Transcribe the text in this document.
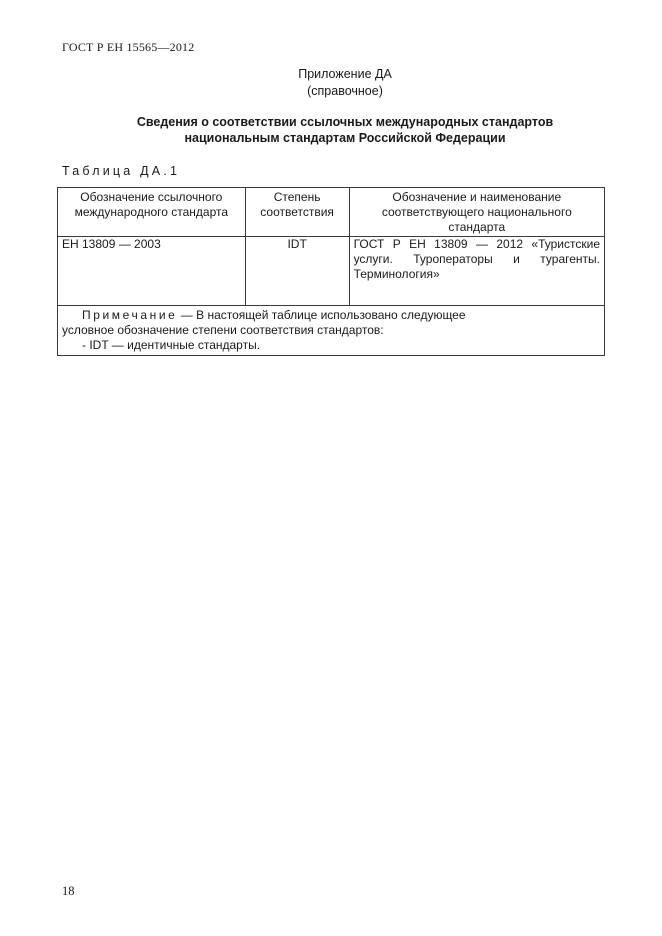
ГОСТ Р ЕН 15565—2012
Приложение ДА
(справочное)
Сведения о соответствии ссылочных международных стандартов
национальным стандартам Российской Федерации
Таблица ДА.1
Обозначение ссылочного международного стандарта	Степень соответствия	Обозначение и наименование соответствующего национального стандарта
ЕН 13809 — 2003	IDT	ГОСТ Р ЕН 13809 — 2012 «Туристские услуги. Туроператоры и турагенты. Терминология»

Примечание — В настоящей таблице использовано следующее
условное обозначение степени соответствия стандартов:
- IDT — идентичные стандарты.		
18
